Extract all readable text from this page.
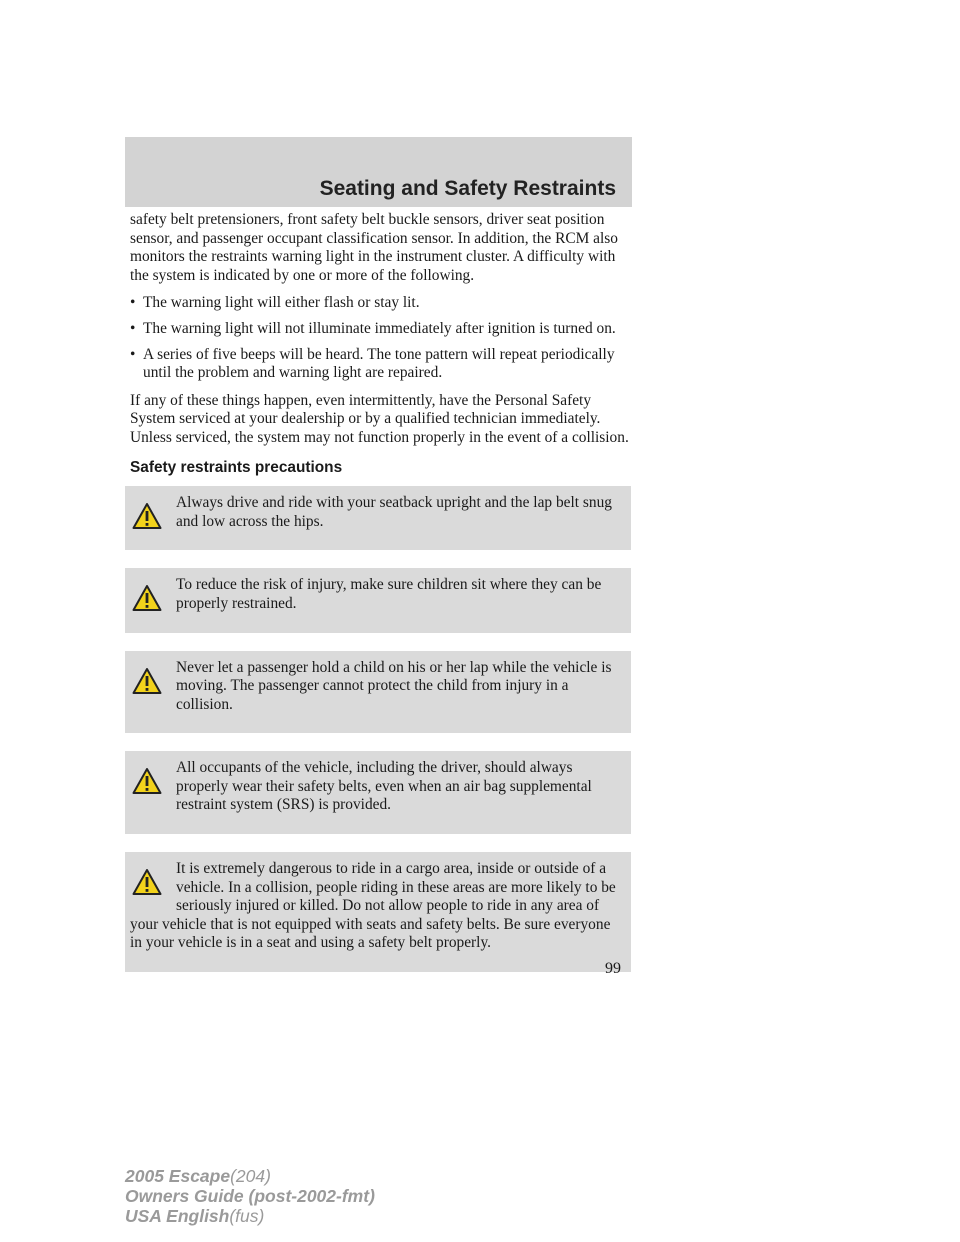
Seating and Safety Restraints

safety belt pretensioners, front safety belt buckle sensors, driver seat position sensor, and passenger occupant classification sensor. In addition, the RCM also monitors the restraints warning light in the instrument cluster. A difficulty with the system is indicated by one or more of the following.

• The warning light will either flash or stay lit.
• The warning light will not illuminate immediately after ignition is turned on.
• A series of five beeps will be heard. The tone pattern will repeat periodically until the problem and warning light are repaired.

If any of these things happen, even intermittently, have the Personal Safety System serviced at your dealership or by a qualified technician immediately. Unless serviced, the system may not function properly in the event of a collision.

Safety restraints precautions

Always drive and ride with your seatback upright and the lap belt snug and low across the hips.

To reduce the risk of injury, make sure children sit where they can be properly restrained.

Never let a passenger hold a child on his or her lap while the vehicle is moving. The passenger cannot protect the child from injury in a collision.

All occupants of the vehicle, including the driver, should always properly wear their safety belts, even when an air bag supplemental restraint system (SRS) is provided.

It is extremely dangerous to ride in a cargo area, inside or outside of a vehicle. In a collision, people riding in these areas are more likely to be seriously injured or killed. Do not allow people to ride in any area of your vehicle that is not equipped with seats and safety belts. Be sure everyone in your vehicle is in a seat and using a safety belt properly.

99
2005 Escape(204)
Owners Guide (post-2002-fmt)
USA English(fus)
